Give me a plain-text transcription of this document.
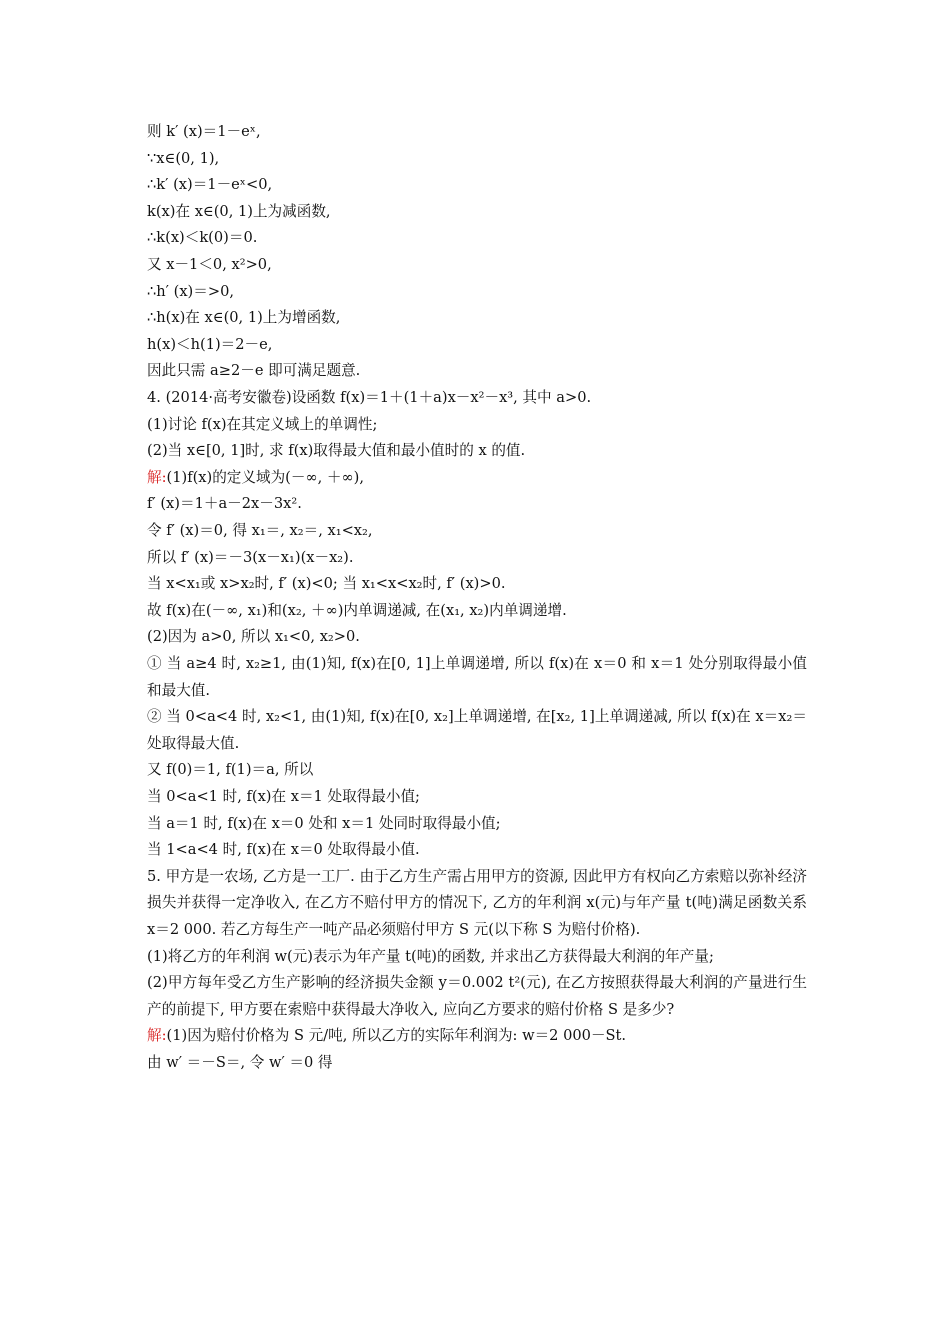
则 k′ (x)＝1－eˣ,
∵x∈(0, 1),
∴k′ (x)＝1－eˣ<0,
k(x)在 x∈(0, 1)上为减函数,
∴k(x)＜k(0)＝0.
又 x－1＜0, x²>0,
∴h′ (x)＝>0,
∴h(x)在 x∈(0, 1)上为增函数,
h(x)＜h(1)＝2－e,
因此只需 a≥2－e 即可满足题意.
4. (2014·高考安徽卷)设函数 f(x)＝1＋(1＋a)x－x²－x³, 其中 a>0.
(1)讨论 f(x)在其定义域上的单调性;
(2)当 x∈[0, 1]时, 求 f(x)取得最大值和最小值时的 x 的值.
解:(1)f(x)的定义域为(－∞, ＋∞),
f′ (x)＝1＋a－2x－3x².
令 f′ (x)＝0, 得 x₁＝, x₂＝, x₁<x₂,
所以 f′ (x)＝－3(x－x₁)(x－x₂).
当 x<x₁或 x>x₂时, f′ (x)<0; 当 x₁<x<x₂时, f′ (x)>0.
故 f(x)在(－∞, x₁)和(x₂, ＋∞)内单调递减, 在(x₁, x₂)内单调递增.
(2)因为 a>0, 所以 x₁<0, x₂>0.
① 当 a≥4 时, x₂≥1, 由(1)知, f(x)在[0, 1]上单调递增, 所以 f(x)在 x＝0 和 x＝1 处分别取得最小值和最大值.
② 当 0<a<4 时, x₂<1, 由(1)知, f(x)在[0, x₂]上单调递增, 在[x₂, 1]上单调递减, 所以 f(x)在 x＝x₂＝处取得最大值.
又 f(0)＝1, f(1)＝a, 所以
当 0<a<1 时, f(x)在 x＝1 处取得最小值;
当 a＝1 时, f(x)在 x＝0 处和 x＝1 处同时取得最小值;
当 1<a<4 时, f(x)在 x＝0 处取得最小值.
5. 甲方是一农场, 乙方是一工厂. 由于乙方生产需占用甲方的资源, 因此甲方有权向乙方索赔以弥补经济损失并获得一定净收入, 在乙方不赔付甲方的情况下, 乙方的年利润 x(元)与年产量 t(吨)满足函数关系 x＝2 000. 若乙方每生产一吨产品必须赔付甲方 S 元(以下称 S 为赔付价格).
(1)将乙方的年利润 w(元)表示为年产量 t(吨)的函数, 并求出乙方获得最大利润的年产量;
(2)甲方每年受乙方生产影响的经济损失金额 y＝0.002 t²(元), 在乙方按照获得最大利润的产量进行生产的前提下, 甲方要在索赔中获得最大净收入, 应向乙方要求的赔付价格 S 是多少?
解:(1)因为赔付价格为 S 元/吨, 所以乙方的实际年利润为: w＝2 000－St.
由 w′ ＝－S＝, 令 w′ ＝0 得
